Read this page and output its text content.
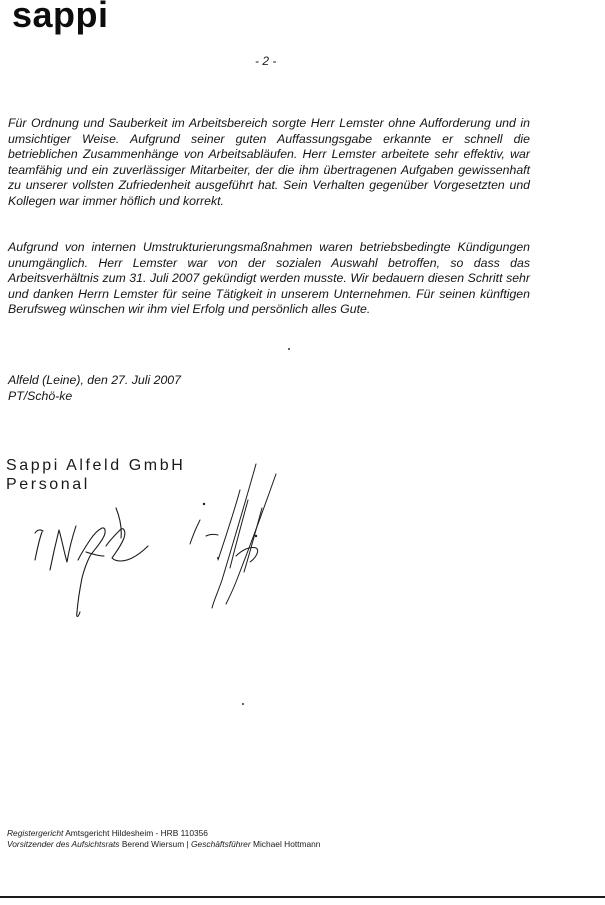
sappi
- 2 -

Für Ordnung und Sauberkeit im Arbeitsbereich sorgte Herr Lemster ohne Aufforderung und in umsichtiger Weise. Aufgrund seiner guten Auffassungsgabe erkannte er schnell die betrieblichen Zusammenhänge von Arbeitsabläufen. Herr Lemster arbeitete sehr effektiv, war teamfähig und ein zuverlässiger Mitarbeiter, der die ihm übertragenen Aufgaben gewissenhaft zu unserer vollsten Zufriedenheit ausgeführt hat. Sein Verhalten gegenüber Vorgesetzten und Kollegen war immer höflich und korrekt.

Aufgrund von internen Umstrukturierungsmaßnahmen waren betriebsbedingte Kündigungen unumgänglich. Herr Lemster war von der sozialen Auswahl betroffen, so dass das Arbeitsverhältnis zum 31. Juli 2007 gekündigt werden musste. Wir bedauern diesen Schritt sehr und danken Herrn Lemster für seine Tätigkeit in unserem Unternehmen. Für seinen künftigen Berufsweg wünschen wir ihm viel Erfolg und persönlich alles Gute.

Alfeld (Leine), den 27. Juli 2007
PT/Schö-ke
Sappi Alfeld GmbH
Personal
Registergericht Amtsgericht Hildesheim - HRB 110356
Vorsitzender des Aufsichtsrats Berend Wiersum | Geschäftsführer Michael Hottmann
